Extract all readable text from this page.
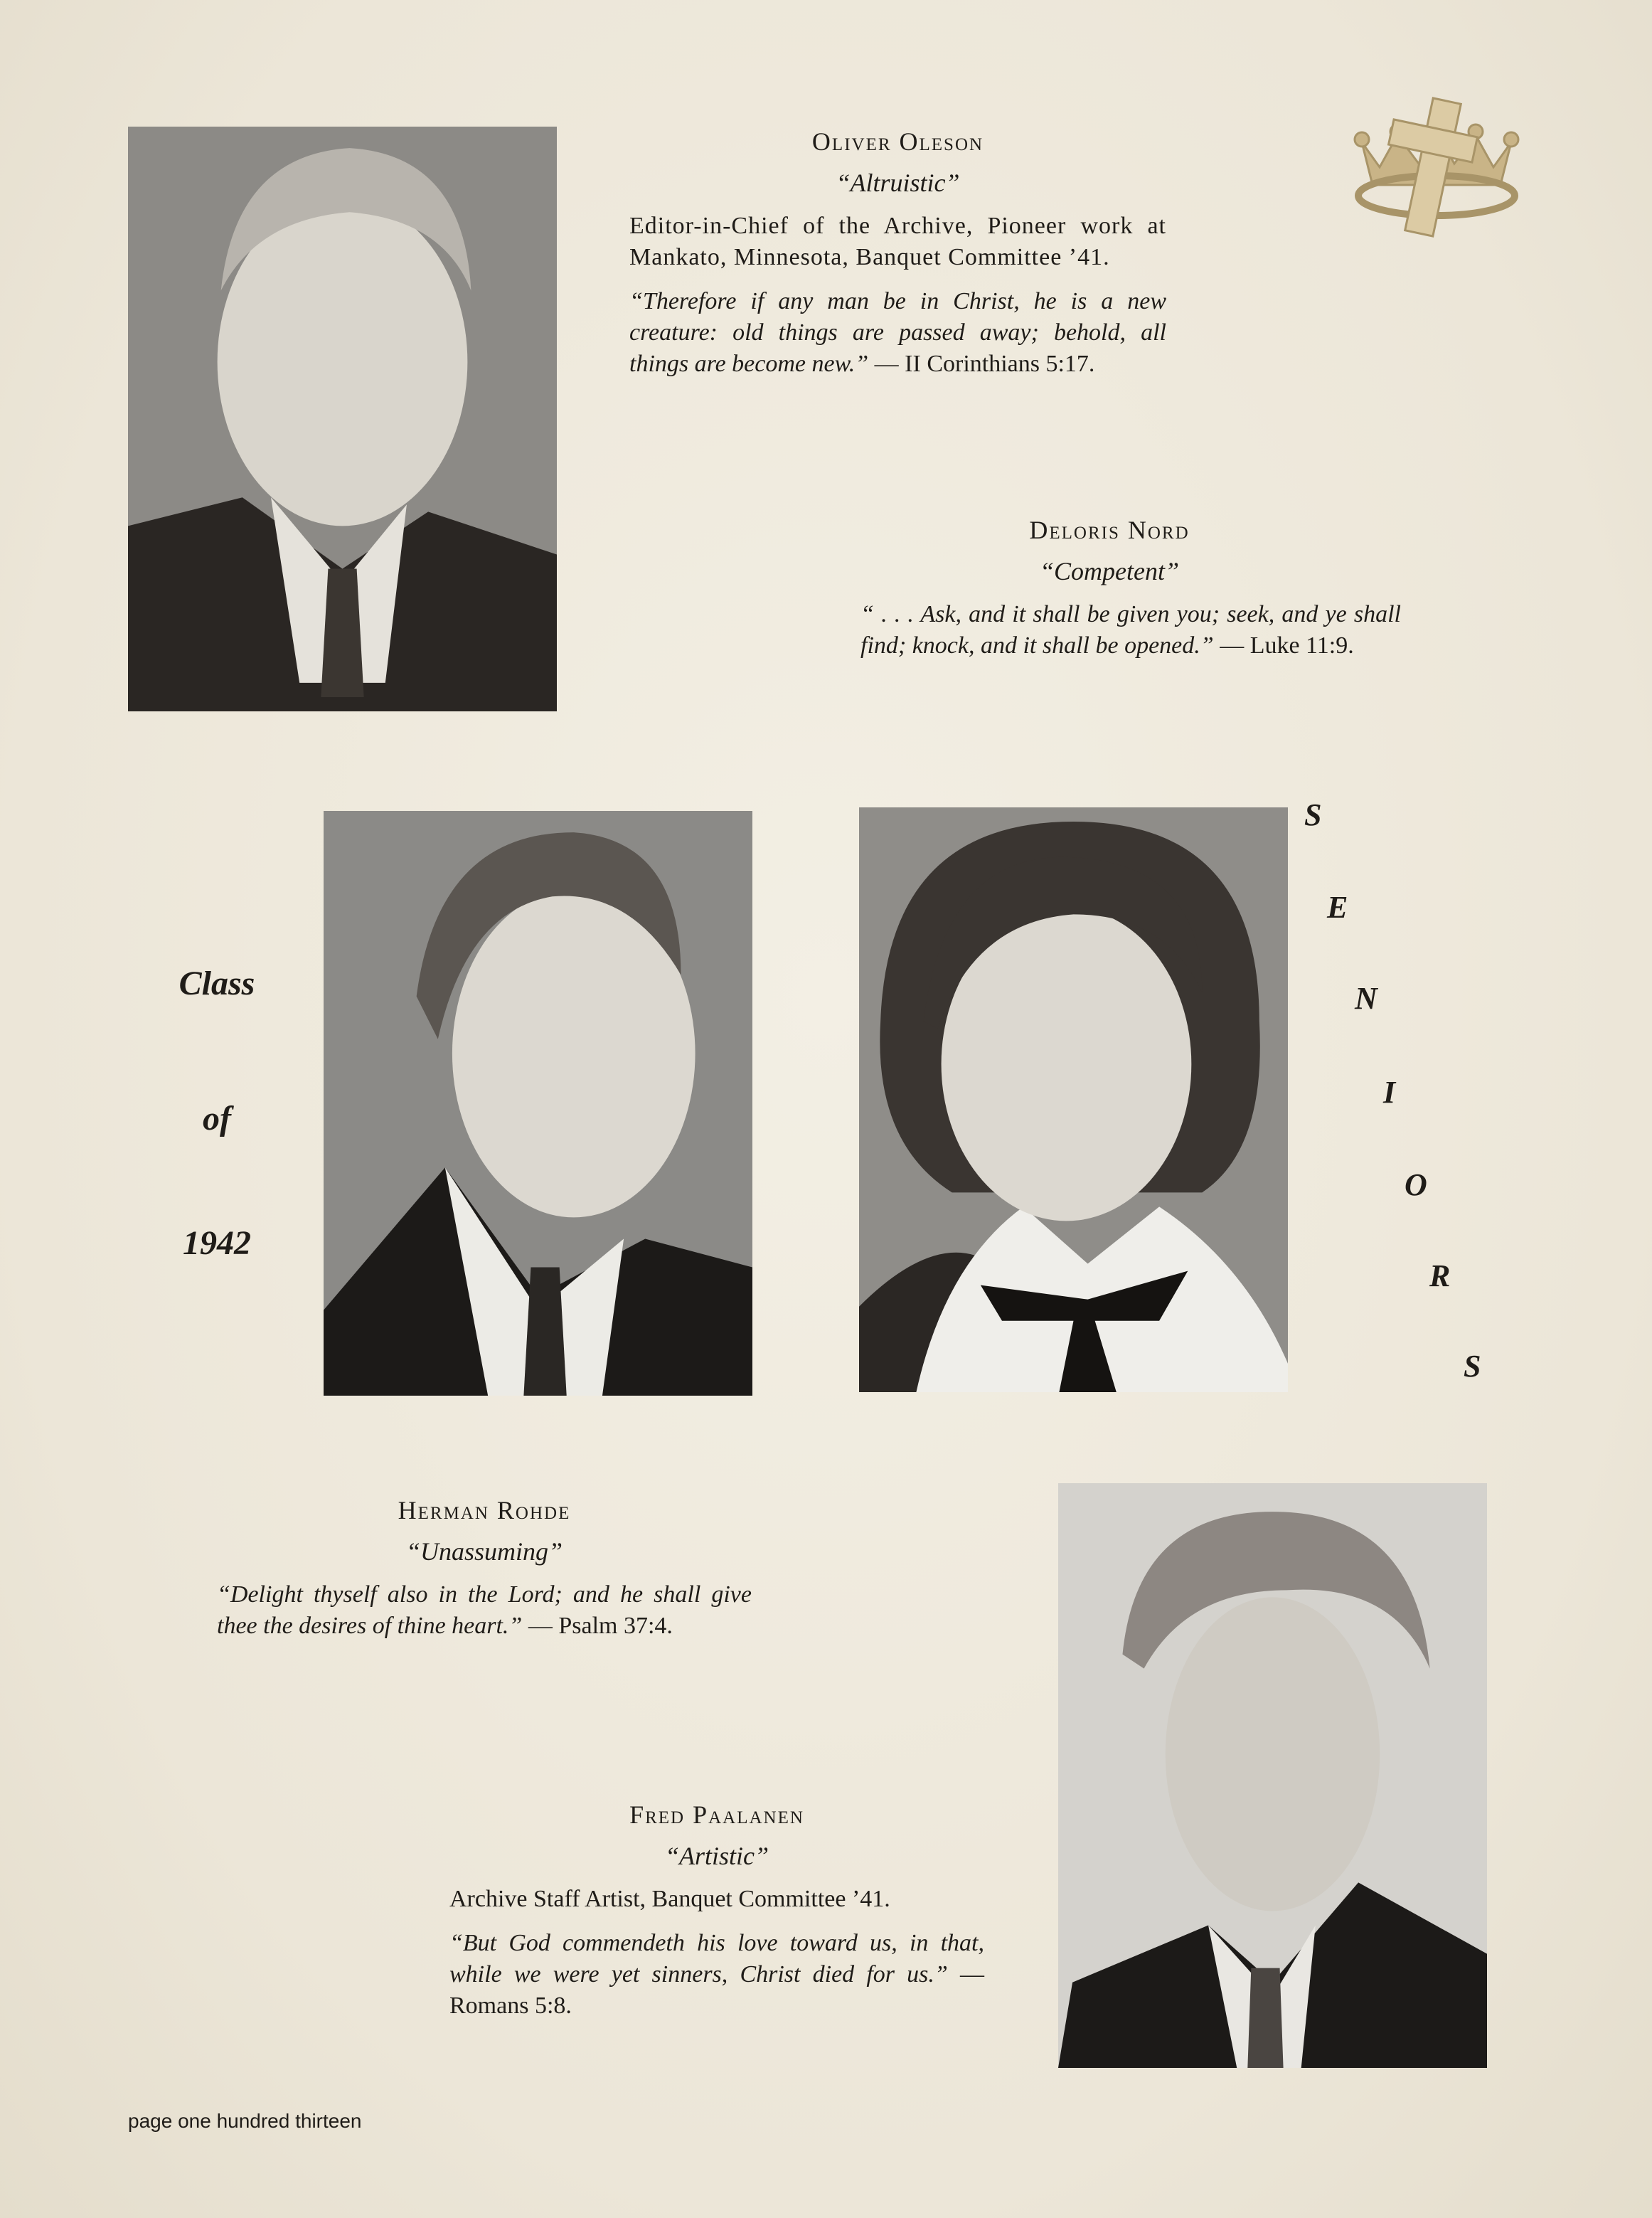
Oliver Oleson
“Altruistic”
Editor-in-Chief of the Archive, Pioneer work at Mankato, Minnesota, Banquet Committee ’41.
“Therefore if any man be in Christ, he is a new creature: old things are passed away; behold, all things are become new.” — II Corinthians 5:17.
Deloris Nord
“Competent”
“ . . . Ask, and it shall be given you; seek, and ye shall find; knock, and it shall be opened.” — Luke 11:9.
Class
of
1942
S
E
N
I
O
R
S
Herman Rohde
“Unassuming”
“Delight thyself also in the Lord; and he shall give thee the desires of thine heart.” — Psalm 37:4.
Fred Paalanen
“Artistic”
Archive Staff Artist, Banquet Committee ’41.
“But God commendeth his love toward us, in that, while we were yet sinners, Christ died for us.” — Romans 5:8.
page one hundred thirteen
